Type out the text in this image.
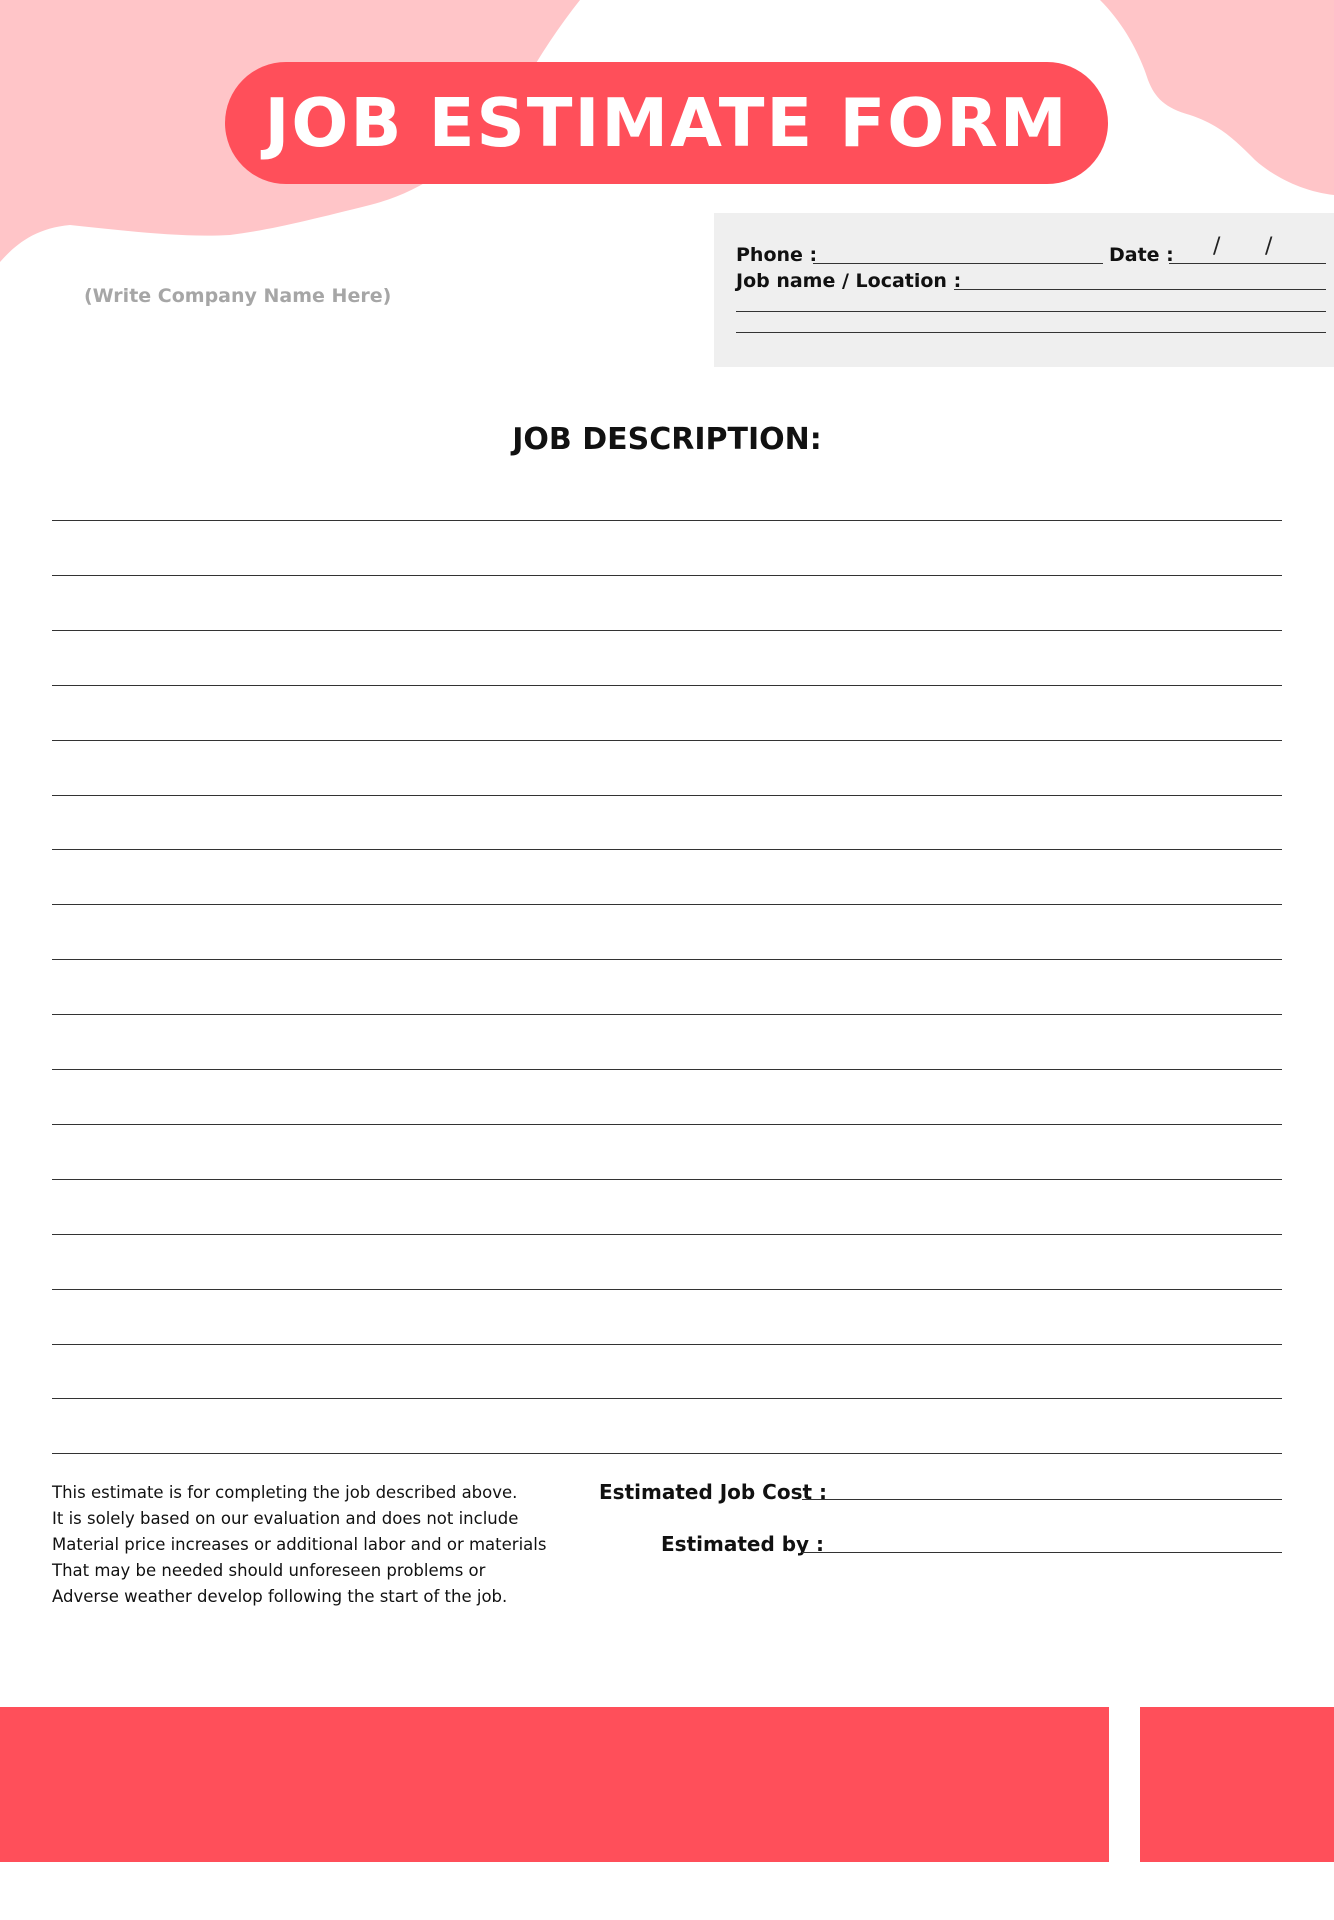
JOB ESTIMATE FORM
(Write Company Name Here)
Phone :	Date : / /
Job name / Location :
JOB DESCRIPTION:
This estimate is for completing the job described above.
It is solely based on our evaluation and does not include
Material price increases or additional labor and or materials
That may be needed should unforeseen problems or
Adverse weather develop following the start of the job.
Estimated Job Cost :
Estimated by :
